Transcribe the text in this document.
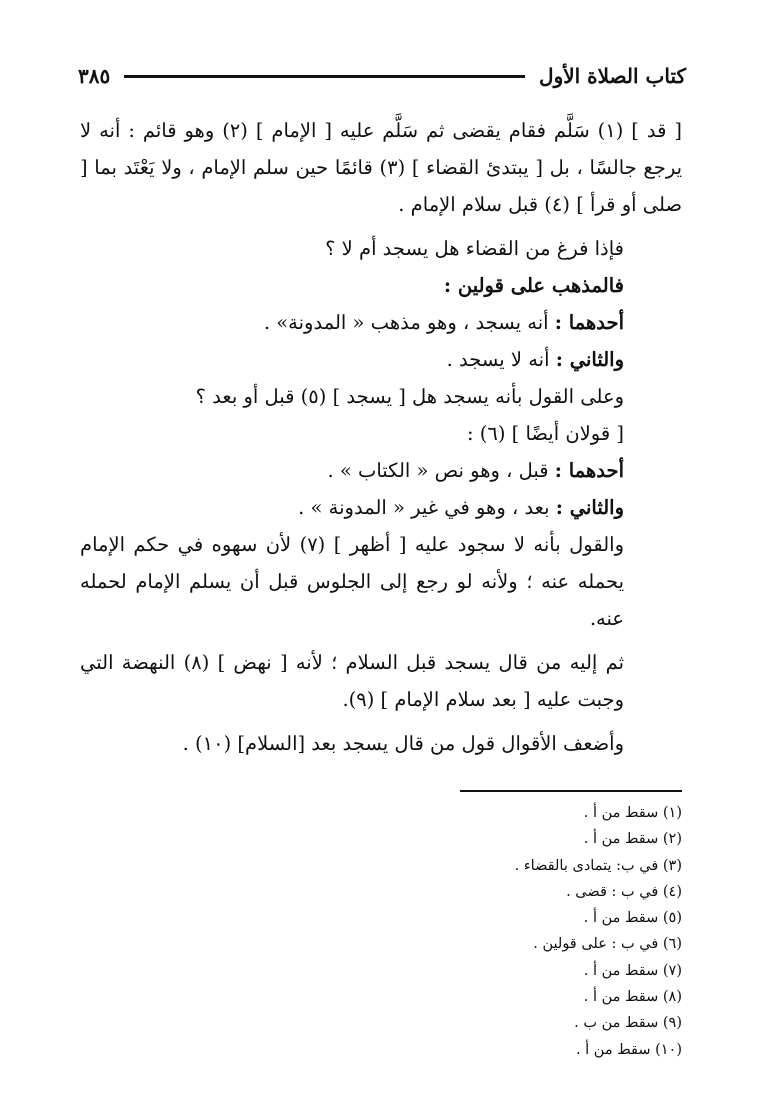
كتاب الصلاة الأول
٣٨٥

[ قد ] (١) سَلَّم فقام يقضى ثم سَلَّم عليه [ الإمام ] (٢) وهو قائم : أنه لا يرجع جالسًا ، بل [ يبتدئ القضاء ] (٣) قائمًا حين سلم الإمام ، ولا يَعْتَد بما [ صلى أو قرأ ] (٤) قبل سلام الإمام .

فإذا فرغ من القضاء هل يسجد أم لا ؟

فالمذهب على قولين :

أحدهما : أنه يسجد ، وهو مذهب « المدونة» .

والثاني : أنه لا يسجد .

وعلى القول بأنه يسجد هل [ يسجد ] (٥) قبل أو بعد ؟

[ قولان أيضًا ] (٦) :

أحدهما : قبل ، وهو نص « الكتاب » .

والثاني : بعد ، وهو في غير « المدونة » .

والقول بأنه لا سجود عليه [ أظهر ] (٧) لأن سهوه في حكم الإمام يحمله عنه ؛ ولأنه لو رجع إلى الجلوس قبل أن يسلم الإمام لحمله عنه.

ثم إليه من قال يسجد قبل السلام ؛ لأنه [ نهض ] (٨) النهضة التي وجبت عليه [ بعد سلام الإمام ] (٩).

وأضعف الأقوال قول من قال يسجد بعد [السلام] (١٠) .

(١) سقط من أ .
(٢) سقط من أ .
(٣) في ب: يتمادى بالقضاء .
(٤) في ب : قضى .
(٥) سقط من أ .
(٦) في ب : على قولين .
(٧) سقط من أ .
(٨) سقط من أ .
(٩) سقط من ب .
(١٠) سقط من أ .
